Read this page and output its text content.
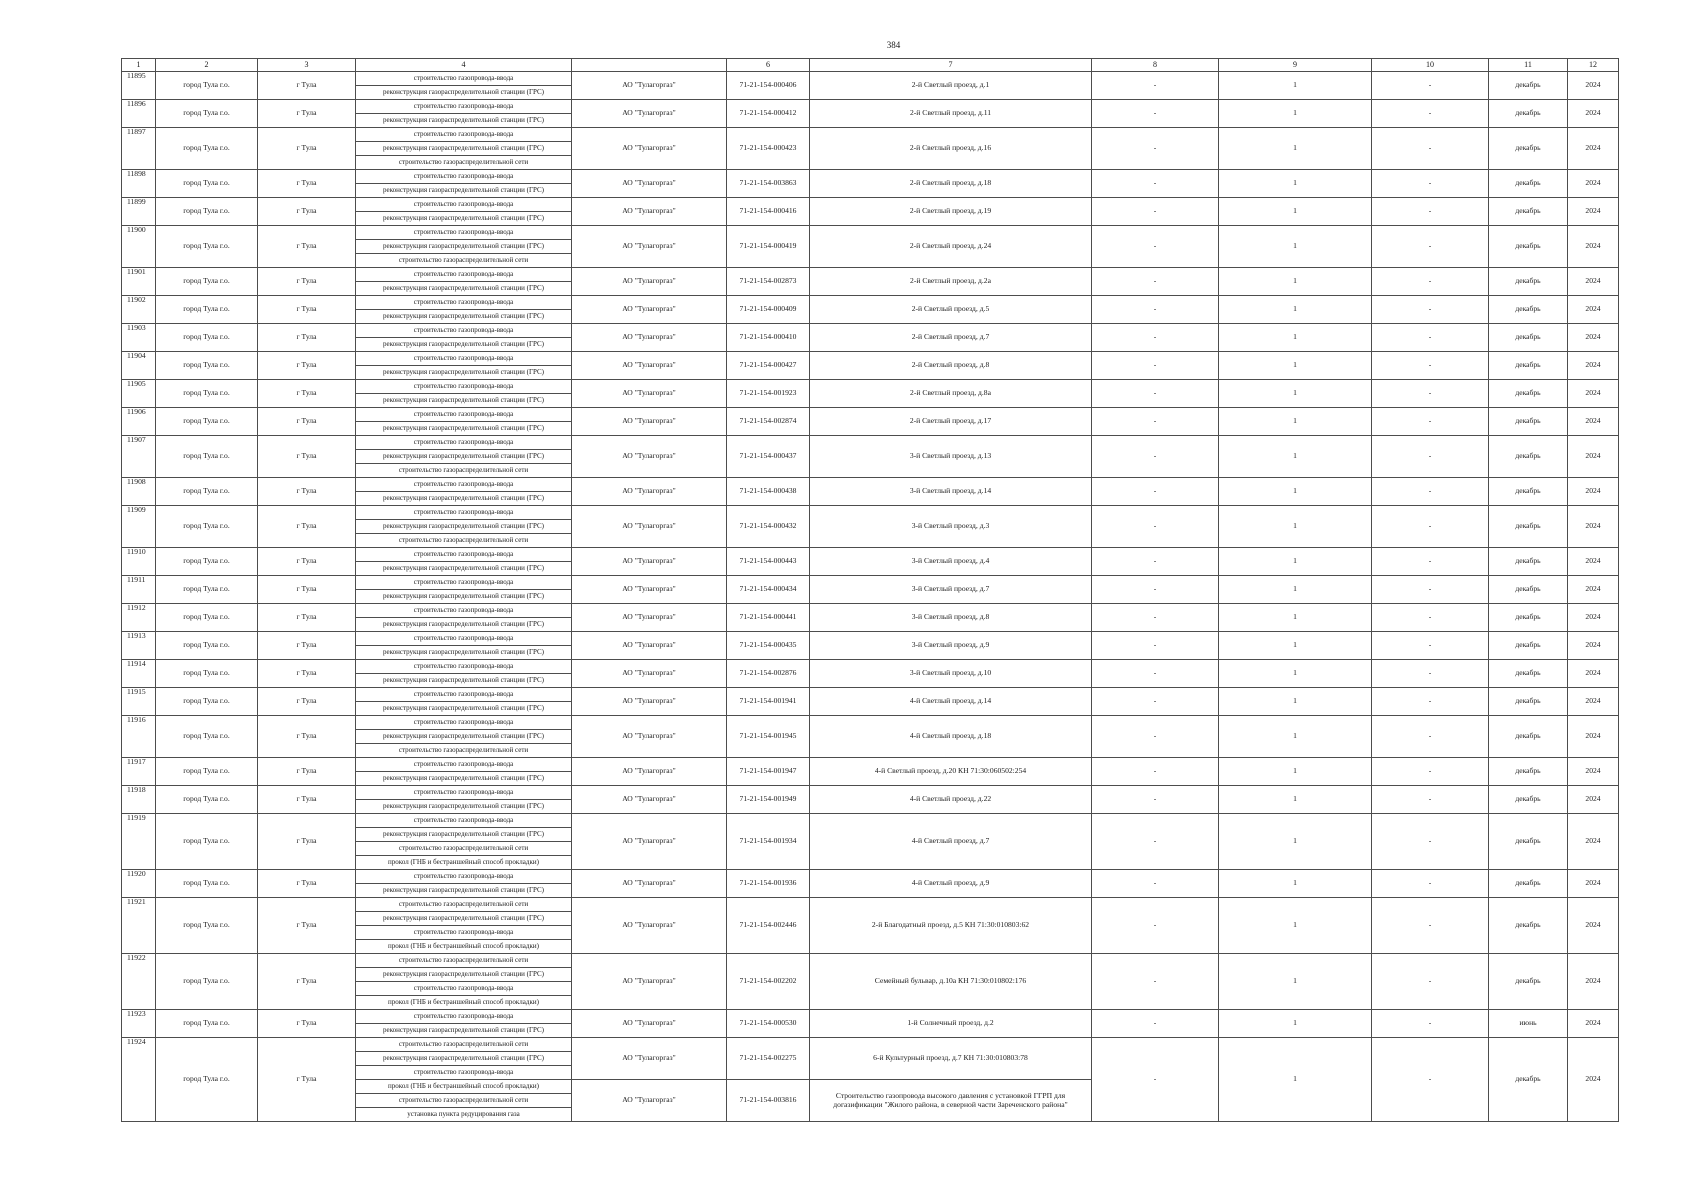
384
1	2	3	4		6	7	8	9	10	11	12
11895	город Тула г.о.	г Тула	строительство газопровода-ввода	АО "Тулагоргаз"	71-21-154-000406	2-й Светлый проезд, д.1	-	1	-	декабрь	2024
			реконструкция газораспределительной станции (ГРС)								
11896	город Тула г.о.	г Тула	строительство газопровода-ввода	АО "Тулагоргаз"	71-21-154-000412	2-й Светлый проезд, д.11	-	1	-	декабрь	2024
			реконструкция газораспределительной станции (ГРС)								
11897	город Тула г.о.	г Тула	строительство газопровода-ввода	АО "Тулагоргаз"	71-21-154-000423	2-й Светлый проезд, д.16	-	1	-	декабрь	2024
			реконструкция газораспределительной станции (ГРС)								
			строительство газораспределительной сети								
11898	город Тула г.о.	г Тула	строительство газопровода-ввода	АО "Тулагоргаз"	71-21-154-003863	2-й Светлый проезд, д.18	-	1	-	декабрь	2024
			реконструкция газораспределительной станции (ГРС)								
11899	город Тула г.о.	г Тула	строительство газопровода-ввода	АО "Тулагоргаз"	71-21-154-000416	2-й Светлый проезд, д.19	-	1	-	декабрь	2024
			реконструкция газораспределительной станции (ГРС)								
11900	город Тула г.о.	г Тула	строительство газопровода-ввода	АО "Тулагоргаз"	71-21-154-000419	2-й Светлый проезд, д.24	-	1	-	декабрь	2024
			реконструкция газораспределительной станции (ГРС)								
			строительство газораспределительной сети								
11901	город Тула г.о.	г Тула	строительство газопровода-ввода	АО "Тулагоргаз"	71-21-154-002873	2-й Светлый проезд, д.2а	-	1	-	декабрь	2024
			реконструкция газораспределительной станции (ГРС)								
11902	город Тула г.о.	г Тула	строительство газопровода-ввода	АО "Тулагоргаз"	71-21-154-000409	2-й Светлый проезд, д.5	-	1	-	декабрь	2024
			реконструкция газораспределительной станции (ГРС)								
11903	город Тула г.о.	г Тула	строительство газопровода-ввода	АО "Тулагоргаз"	71-21-154-000410	2-й Светлый проезд, д.7	-	1	-	декабрь	2024
			реконструкция газораспределительной станции (ГРС)								
11904	город Тула г.о.	г Тула	строительство газопровода-ввода	АО "Тулагоргаз"	71-21-154-000427	2-й Светлый проезд, д.8	-	1	-	декабрь	2024
			реконструкция газораспределительной станции (ГРС)								
11905	город Тула г.о.	г Тула	строительство газопровода-ввода	АО "Тулагоргаз"	71-21-154-001923	2-й Светлый проезд, д.8а	-	1	-	декабрь	2024
			реконструкция газораспределительной станции (ГРС)								
11906	город Тула г.о.	г Тула	строительство газопровода-ввода	АО "Тулагоргаз"	71-21-154-002874	2-й Светлый проезд, д.17	-	1	-	декабрь	2024
			реконструкция газораспределительной станции (ГРС)								
11907	город Тула г.о.	г Тула	строительство газопровода-ввода	АО "Тулагоргаз"	71-21-154-000437	3-й Светлый проезд, д.13	-	1	-	декабрь	2024
			реконструкция газораспределительной станции (ГРС)								
			строительство газораспределительной сети								
11908	город Тула г.о.	г Тула	строительство газопровода-ввода	АО "Тулагоргаз"	71-21-154-000438	3-й Светлый проезд, д.14	-	1	-	декабрь	2024
			реконструкция газораспределительной станции (ГРС)								
11909	город Тула г.о.	г Тула	строительство газопровода-ввода	АО "Тулагоргаз"	71-21-154-000432	3-й Светлый проезд, д.3	-	1	-	декабрь	2024
			реконструкция газораспределительной станции (ГРС)								
			строительство газораспределительной сети								
11910	город Тула г.о.	г Тула	строительство газопровода-ввода	АО "Тулагоргаз"	71-21-154-000443	3-й Светлый проезд, д.4	-	1	-	декабрь	2024
			реконструкция газораспределительной станции (ГРС)								
11911	город Тула г.о.	г Тула	строительство газопровода-ввода	АО "Тулагоргаз"	71-21-154-000434	3-й Светлый проезд, д.7	-	1	-	декабрь	2024
			реконструкция газораспределительной станции (ГРС)								
11912	город Тула г.о.	г Тула	строительство газопровода-ввода	АО "Тулагоргаз"	71-21-154-000441	3-й Светлый проезд, д.8	-	1	-	декабрь	2024
			реконструкция газораспределительной станции (ГРС)								
11913	город Тула г.о.	г Тула	строительство газопровода-ввода	АО "Тулагоргаз"	71-21-154-000435	3-й Светлый проезд, д.9	-	1	-	декабрь	2024
			реконструкция газораспределительной станции (ГРС)								
11914	город Тула г.о.	г Тула	строительство газопровода-ввода	АО "Тулагоргаз"	71-21-154-002876	3-й Светлый проезд, д.10	-	1	-	декабрь	2024
			реконструкция газораспределительной станции (ГРС)								
11915	город Тула г.о.	г Тула	строительство газопровода-ввода	АО "Тулагоргаз"	71-21-154-001941	4-й Светлый проезд, д.14	-	1	-	декабрь	2024
			реконструкция газораспределительной станции (ГРС)								
11916	город Тула г.о.	г Тула	строительство газопровода-ввода	АО "Тулагоргаз"	71-21-154-001945	4-й Светлый проезд, д.18	-	1	-	декабрь	2024
			реконструкция газораспределительной станции (ГРС)								
			строительство газораспределительной сети								
11917	город Тула г.о.	г Тула	строительство газопровода-ввода	АО "Тулагоргаз"	71-21-154-001947	4-й Светлый проезд, д.20 КН 71:30:060502:254	-	1	-	декабрь	2024
			реконструкция газораспределительной станции (ГРС)								
11918	город Тула г.о.	г Тула	строительство газопровода-ввода	АО "Тулагоргаз"	71-21-154-001949	4-й Светлый проезд, д.22	-	1	-	декабрь	2024
			реконструкция газораспределительной станции (ГРС)								
11919	город Тула г.о.	г Тула	строительство газопровода-ввода	АО "Тулагоргаз"	71-21-154-001934	4-й Светлый проезд, д.7	-	1	-	декабрь	2024
			реконструкция газораспределительной станции (ГРС)								
			строительство газораспределительной сети								
			прокол (ГНБ и бестраншейный способ прокладки)								
11920	город Тула г.о.	г Тула	строительство газопровода-ввода	АО "Тулагоргаз"	71-21-154-001936	4-й Светлый проезд, д.9	-	1	-	декабрь	2024
			реконструкция газораспределительной станции (ГРС)								
11921	город Тула г.о.	г Тула	строительство газораспределительной сети	АО "Тулагоргаз"	71-21-154-002446	2-й Благодатный проезд, д.5 КН 71:30:010803:62	-	1	-	декабрь	2024
			реконструкция газораспределительной станции (ГРС)								
			строительство газопровода-ввода								
			прокол (ГНБ и бестраншейный способ прокладки)								
11922	город Тула г.о.	г Тула	строительство газораспределительной сети	АО "Тулагоргаз"	71-21-154-002202	Семейный бульвар, д.10а КН 71:30:010802:176	-	1	-	декабрь	2024
			реконструкция газораспределительной станции (ГРС)								
			строительство газопровода-ввода								
			прокол (ГНБ и бестраншейный способ прокладки)								
11923	город Тула г.о.	г Тула	строительство газопровода-ввода	АО "Тулагоргаз"	71-21-154-000530	1-й Солнечный проезд, д.2	-	1	-	июнь	2024
			реконструкция газораспределительной станции (ГРС)								
11924	город Тула г.о.	г Тула	строительство газораспределительной сети	АО "Тулагоргаз"	71-21-154-002275	6-й Культурный проезд, д.7 КН 71:30:010803:78	-	1	-	декабрь	2024
			реконструкция газораспределительной станции (ГРС)								
			строительство газопровода-ввода								
			прокол (ГНБ и бестраншейный способ прокладки)	АО "Тулагоргаз"	71-21-154-003816	Строительство газопровода высокого давления с установкой ГГРП для догазификации "Жилого района, в северной части Зареченского района"					
			строительство газораспределительной сети								
			установка пункта редуцирования газа								
